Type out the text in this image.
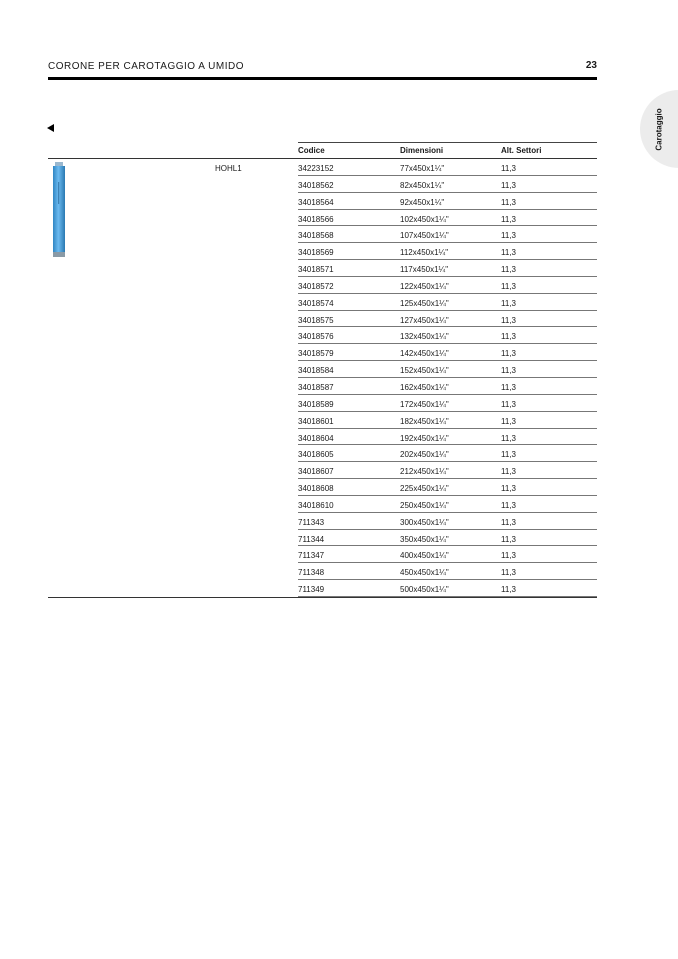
CORONE PER CAROTAGGIO A UMIDO	23
Carotaggio
Codice	Dimensioni	Alt. Settori
HOHL1	34223152	77x450x1¼"	11,3
34018562	82x450x1¼"	11,3
34018564	92x450x1¼"	11,3
34018566	102x450x1¼"	11,3
34018568	107x450x1¼"	11,3
34018569	112x450x1¼"	11,3
34018571	117x450x1¼"	11,3
34018572	122x450x1¼"	11,3
34018574	125x450x1¼"	11,3
34018575	127x450x1¼"	11,3
34018576	132x450x1¼"	11,3
34018579	142x450x1¼"	11,3
34018584	152x450x1¼"	11,3
34018587	162x450x1¼"	11,3
34018589	172x450x1¼"	11,3
34018601	182x450x1¼"	11,3
34018604	192x450x1¼"	11,3
34018605	202x450x1¼"	11,3
34018607	212x450x1¼"	11,3
34018608	225x450x1¼"	11,3
34018610	250x450x1¼"	11,3
711343	300x450x1¼"	11,3
711344	350x450x1¼"	11,3
711347	400x450x1¼"	11,3
711348	450x450x1¼"	11,3
711349	500x450x1¼"	11,3
